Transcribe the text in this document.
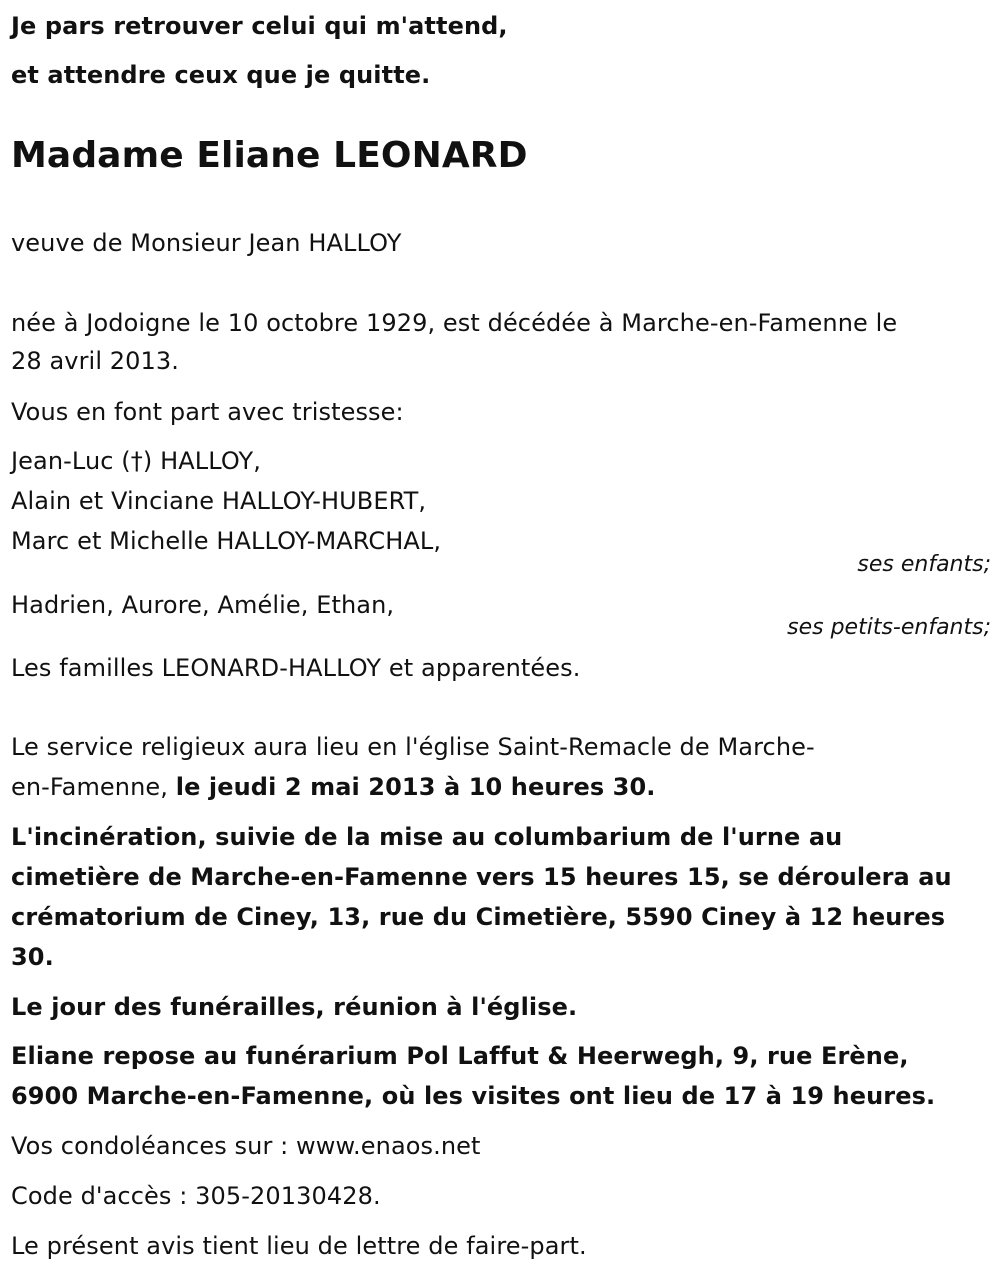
Je pars retrouver celui qui m'attend,
et attendre ceux que je quitte.
Madame Eliane LEONARD
veuve de Monsieur Jean HALLOY
née à Jodoigne le 10 octobre 1929, est décédée à Marche-en-Famenne le
28 avril 2013.
Vous en font part avec tristesse:
Jean-Luc (†) HALLOY,
Alain et Vinciane HALLOY-HUBERT,
Marc et Michelle HALLOY-MARCHAL,
ses enfants;
Hadrien, Aurore, Amélie, Ethan,
ses petits-enfants;
Les familles LEONARD-HALLOY et apparentées.
Le service religieux aura lieu en l'église Saint-Remacle de Marche-
en-Famenne, le jeudi 2 mai 2013 à 10 heures 30.
L'incinération, suivie de la mise au columbarium de l'urne au
cimetière de Marche-en-Famenne vers 15 heures 15, se déroulera au
crématorium de Ciney, 13, rue du Cimetière, 5590 Ciney à 12 heures
30.
Le jour des funérailles, réunion à l'église.
Eliane repose au funérarium Pol Laffut & Heerwegh, 9, rue Erène,
6900 Marche-en-Famenne, où les visites ont lieu de 17 à 19 heures.
Vos condoléances sur : www.enaos.net
Code d'accès : 305-20130428.
Le présent avis tient lieu de lettre de faire-part.
